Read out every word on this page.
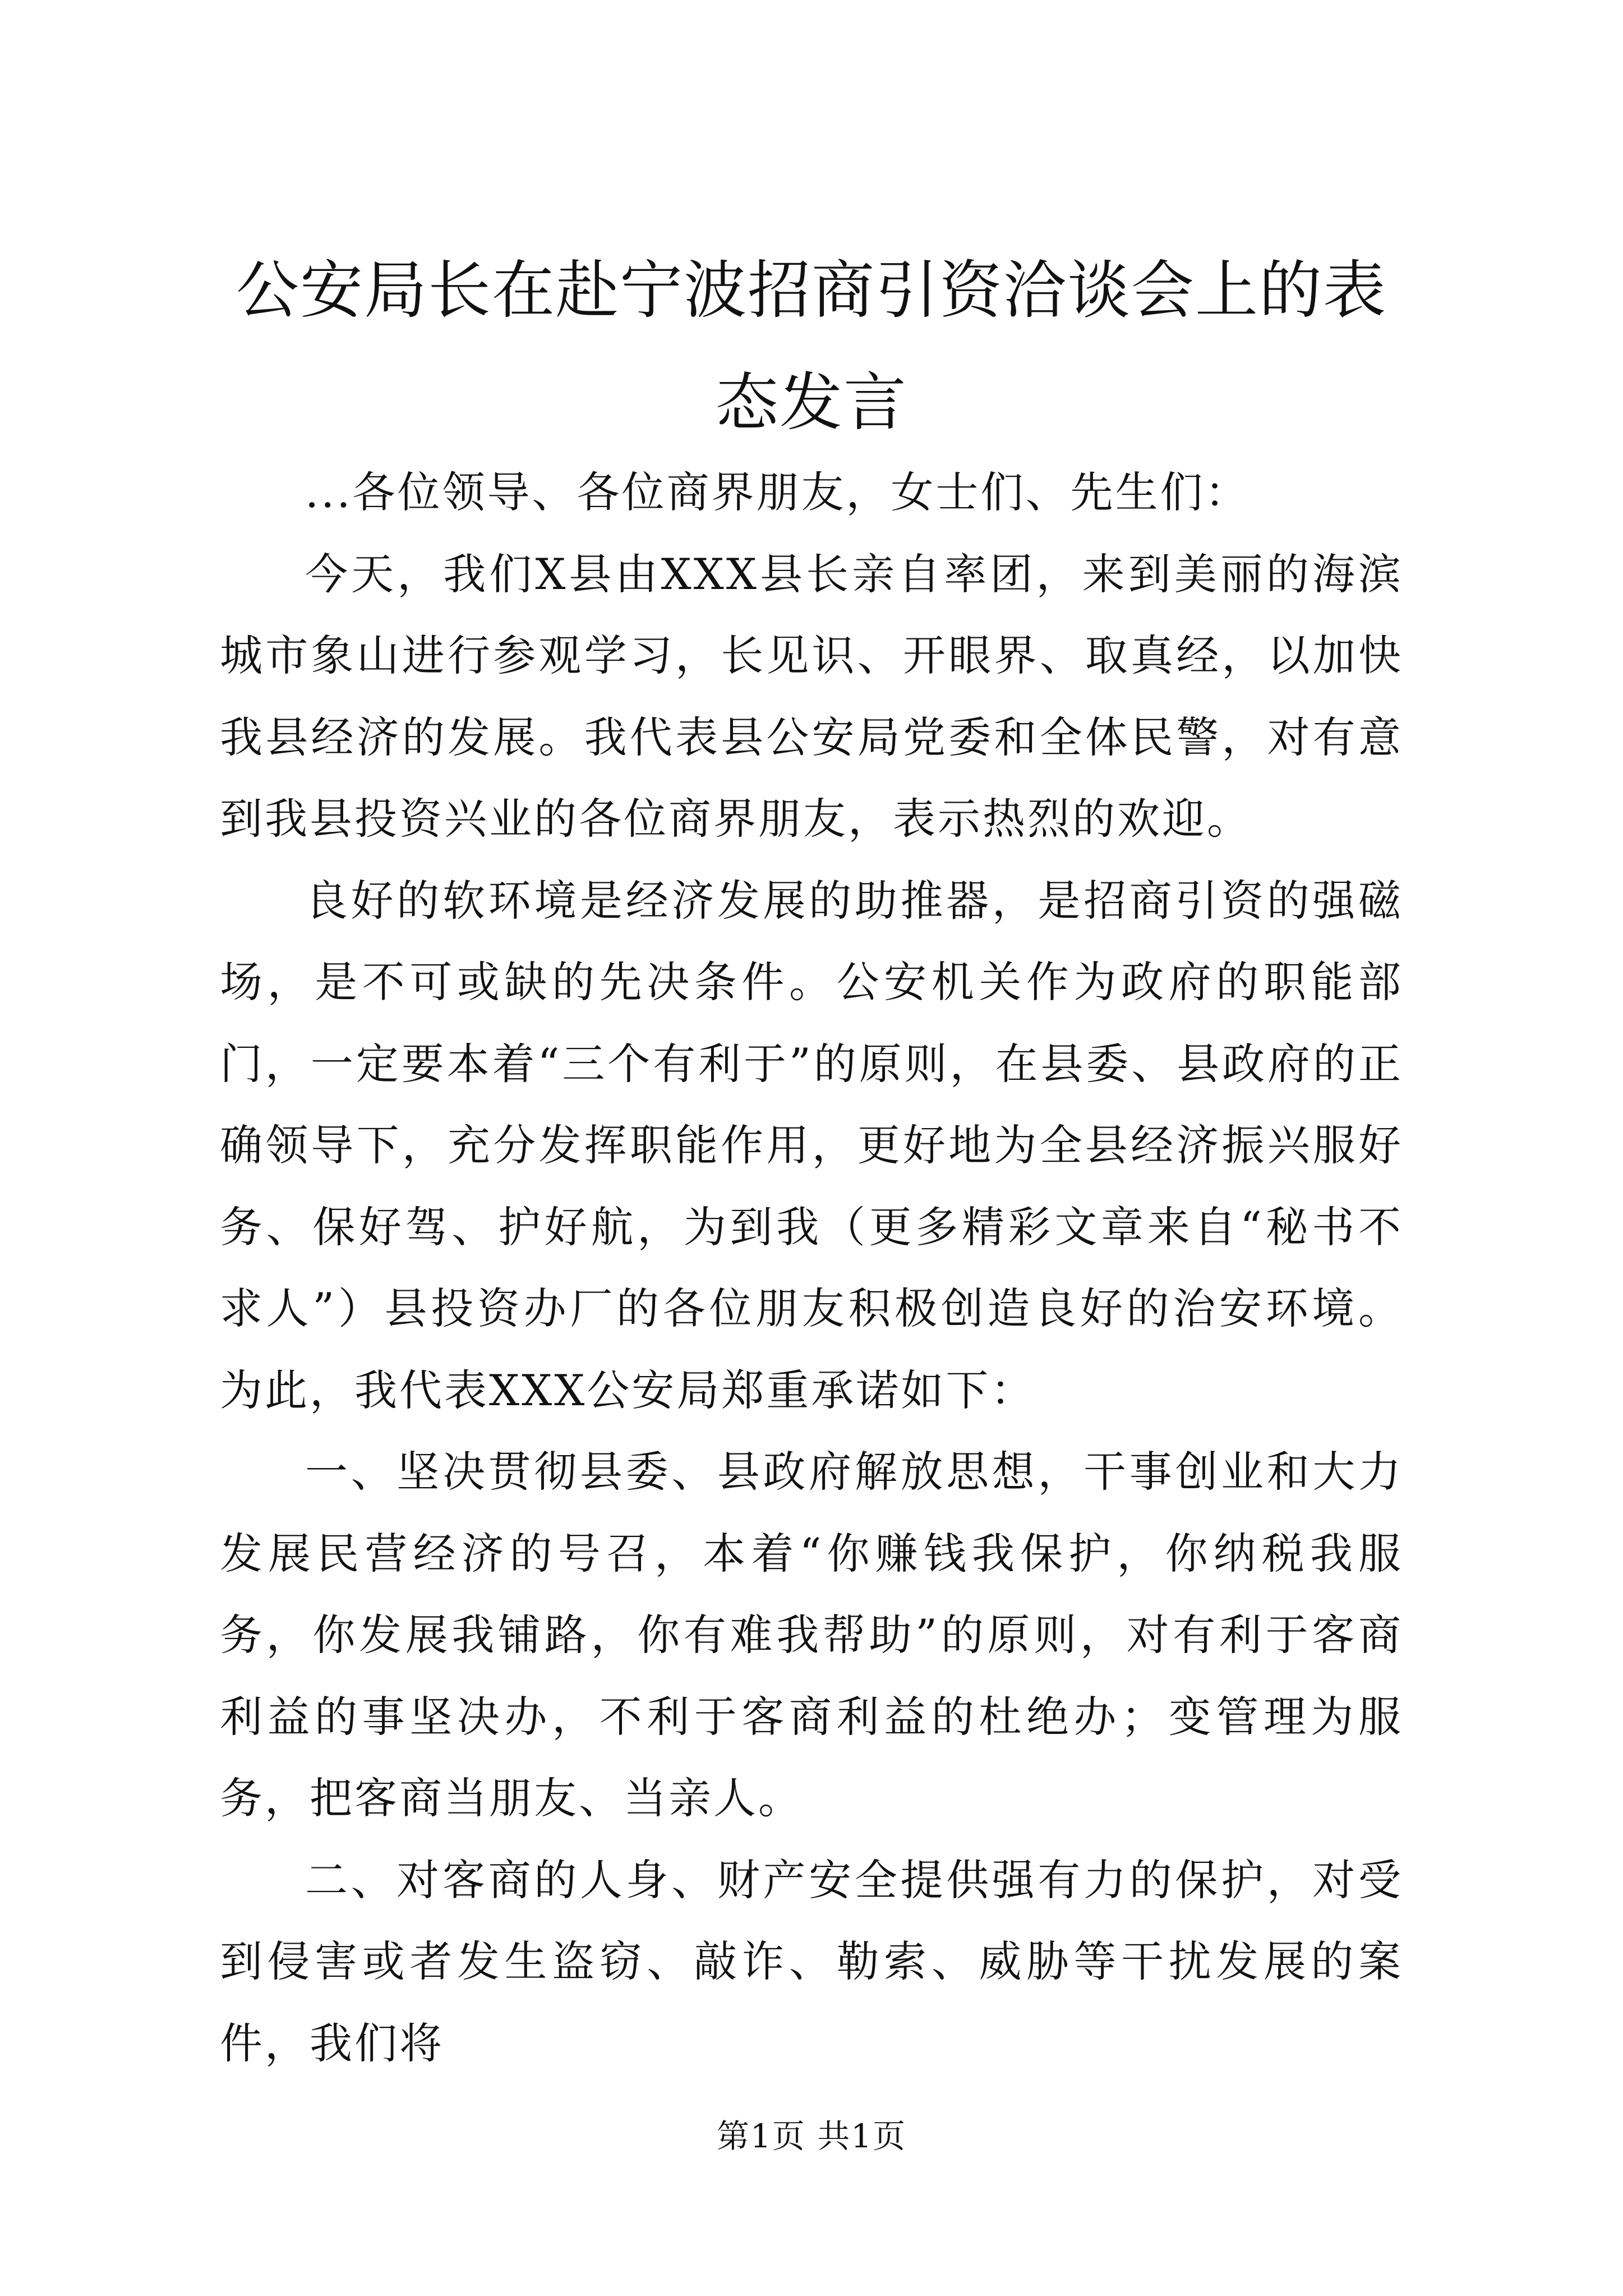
公安局长在赴宁波招商引资洽谈会上的表态发言

...各位领导、各位商界朋友，女士们、先生们：

今天，我们X县由XXX县长亲自率团，来到美丽的海滨城市象山进行参观学习，长见识、开眼界、取真经，以加快我县经济的发展。我代表县公安局党委和全体民警，对有意到我县投资兴业的各位商界朋友，表示热烈的欢迎。

良好的软环境是经济发展的助推器，是招商引资的强磁场，是不可或缺的先决条件。公安机关作为政府的职能部门，一定要本着“三个有利于”的原则，在县委、县政府的正确领导下，充分发挥职能作用，更好地为全县经济振兴服好务、保好驾、护好航，为到我（更多精彩文章来自“秘书不求人”）县投资办厂的各位朋友积极创造良好的治安环境。为此，我代表XXX公安局郑重承诺如下：

一、坚决贯彻县委、县政府解放思想，干事创业和大力发展民营经济的号召，本着“你赚钱我保护，你纳税我服务，你发展我铺路，你有难我帮助”的原则，对有利于客商利益的事坚决办，不利于客商利益的杜绝办；变管理为服务，把客商当朋友、当亲人。

二、对客商的人身、财产安全提供强有力的保护，对受到侵害或者发生盗窃、敲诈、勒索、威胁等干扰发展的案件，我们将

第1页 共1页
